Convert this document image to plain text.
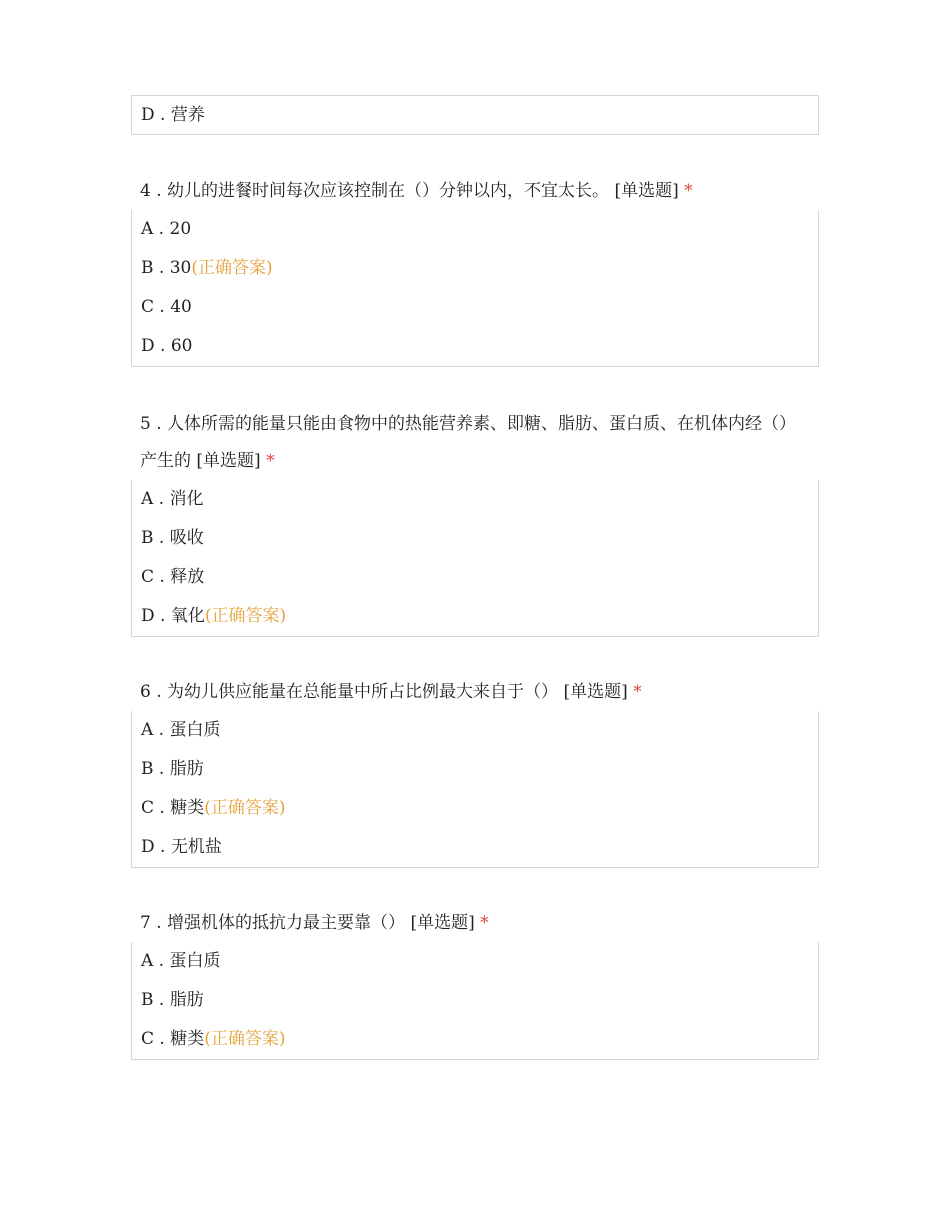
D . 营养
4 . 幼儿的进餐时间每次应该控制在（）分钟以内，不宜太长。 [单选题] *
A . 20
B . 30(正确答案)
C . 40
D . 60
5 . 人体所需的能量只能由食物中的热能营养素、即糖、脂肪、蛋白质、在机体内经（）产生的 [单选题] *
A . 消化
B . 吸收
C . 释放
D . 氧化(正确答案)
6 . 为幼儿供应能量在总能量中所占比例最大来自于（） [单选题] *
A . 蛋白质
B . 脂肪
C . 糖类(正确答案)
D . 无机盐
7 . 增强机体的抵抗力最主要靠（） [单选题] *
A . 蛋白质
B . 脂肪
C . 糖类(正确答案)
